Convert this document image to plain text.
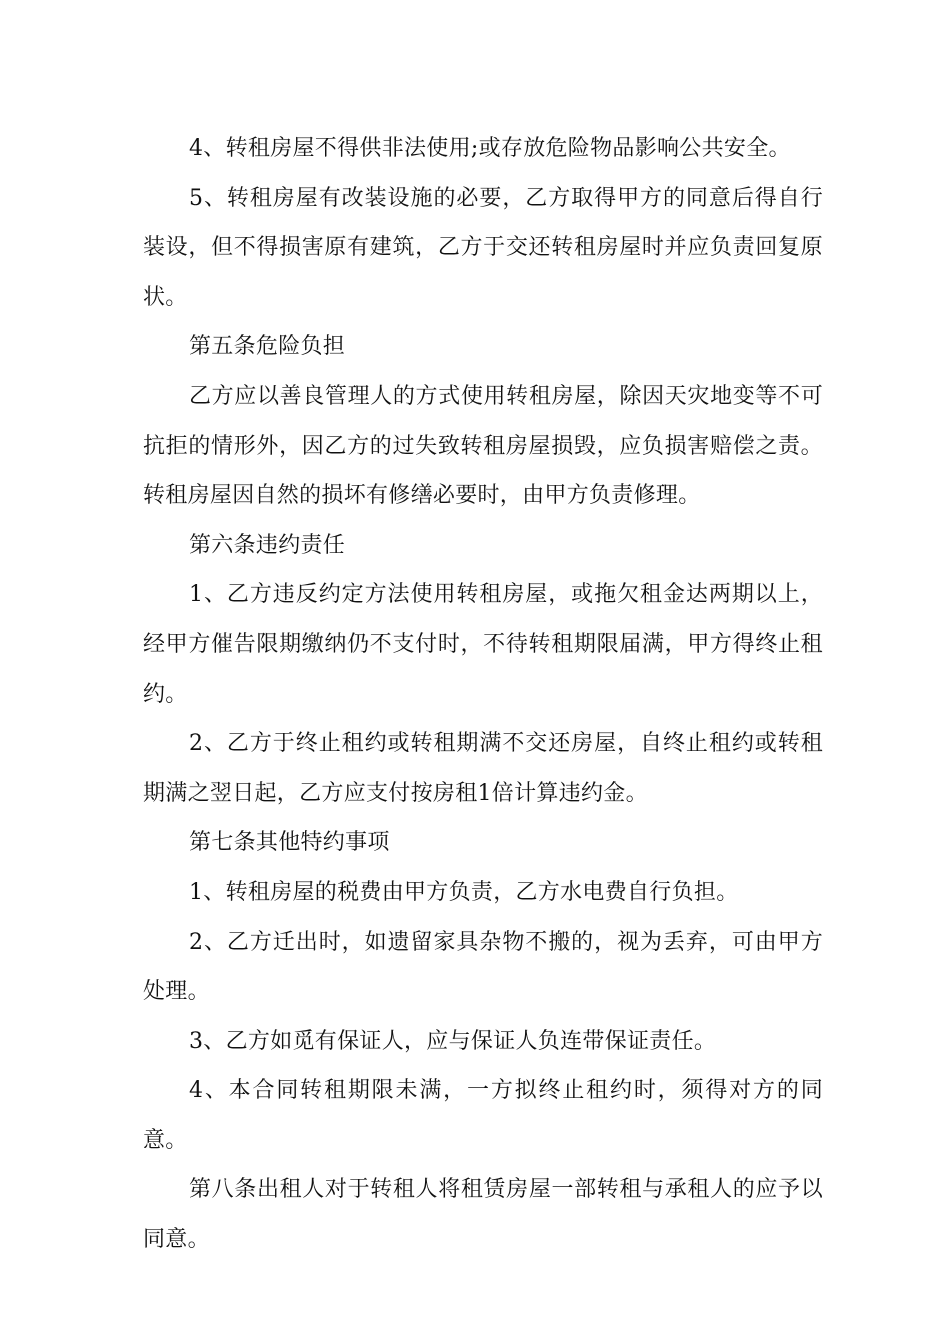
4、转租房屋不得供非法使用;或存放危险物品影响公共安全。

5、转租房屋有改装设施的必要，乙方取得甲方的同意后得自行装设，但不得损害原有建筑，乙方于交还转租房屋时并应负责回复原状。

第五条危险负担

乙方应以善良管理人的方式使用转租房屋，除因天灾地变等不可抗拒的情形外，因乙方的过失致转租房屋损毁，应负损害赔偿之责。转租房屋因自然的损坏有修缮必要时，由甲方负责修理。

第六条违约责任

1、乙方违反约定方法使用转租房屋，或拖欠租金达两期以上，经甲方催告限期缴纳仍不支付时，不待转租期限届满，甲方得终止租约。

2、乙方于终止租约或转租期满不交还房屋，自终止租约或转租期满之翌日起，乙方应支付按房租1倍计算违约金。

第七条其他特约事项

1、转租房屋的税费由甲方负责，乙方水电费自行负担。

2、乙方迁出时，如遗留家具杂物不搬的，视为丢弃，可由甲方处理。

3、乙方如觅有保证人，应与保证人负连带保证责任。

4、本合同转租期限未满，一方拟终止租约时，须得对方的同意。

第八条出租人对于转租人将租赁房屋一部转租与承租人的应予以同意。
